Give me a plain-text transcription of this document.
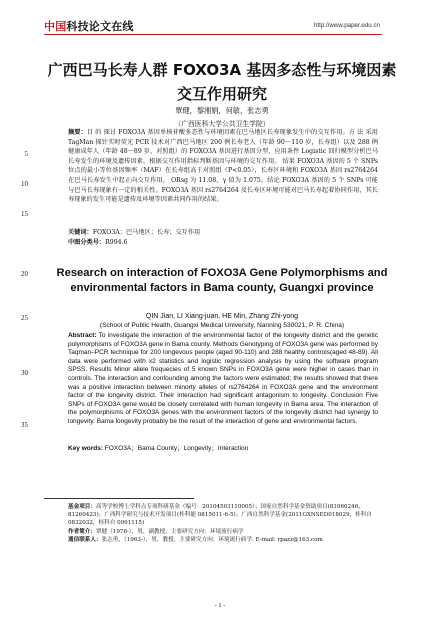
中国科技论文在线	http://www.paper.edu.cn
广西巴马长寿人群 FOXO3A 基因多态性与环境因素交互作用研究
覃健，黎湘娟，何敏，张志勇
（广西医科大学公共卫生学院）
5
10
15
20
25
30
35
摘要：目 的 探讨 FOXO3A 基因单核苷酸多态性与环境因素在巴马地区长寿现象发生中的交互作用。方 法 采用 TagMan 探针实时荧光 PCR 技术对广西巴马地区 200 例长寿老人（年龄 90～110 岁，长寿组）以及 288 例健康成年人（年龄 48～89 岁，对照组）的 FOXO3A 基因进行基因分型，应用条件 Logistic 回归模型分析巴马长寿发生的环境及遗传因素，根据交互作用指标判断基因与环境的交互作用。 结果 FOXO3A 基因的 5 个 SNPs 位点的最小等位基因频率（MAF）在长寿组高于对照组（P<0.05），长寿区环境和 FOXO3A 基因 rs2764264 在巴马长寿发生中起正向交互作用， ORsg 为 11.08，γ 值为 1.075。结论 FOXO3A 基因的 5 个 SNPs 可能与巴马长寿现象有一定的相关性。FOXO3A 基因 rs2764264 及长寿区环境可能对巴马长寿起着协同作用，其长寿现象的发生可能是遗传及环境等因素共同作用的结果。
关键词：FOXO3A；巴马地区；长寿；交互作用
中图分类号：R994.6
Research on interaction of FOXO3A Gene Polymorphisms and environmental factors in Bama county, Guangxi province
QIN Jian, LI Xiang-juan, HE Min, Zhang Zhi-yong
(School of Public Health, Guangxi Medical University, Nanning 530021, P. R. China)
Abstract: To investigate the interaction of the environmental factor of the longevity district and the genetic polymorphisms of FOXO3A gene in Bama county. Methods Genotyping of FOXO3A gene was performed by Taqman–PCR technique for 200 longevous people (aged 90-110) and 288 healthy controls(aged 48-89). All data were performed with x2 statistics and logistic regression analysis by using the software program SPSS. Results Minor allele frequecies of 5 known SNPs in FOXO3A gene were higher in cases than in controls. The interaction and confounding among the factors were estimated; the results showed that there was a positive interaction between minorty alleles of rs2764264 in FOXO3A gene and the environment factor of the longevity district. Their interaction had significant antagonism to longevity. Conclusion Five SNPs of FOXO3A gene would be closely correlated with human longevity in Bama area. The interaction of the polymorphisms of FOXO3A genes with the environment factors of the longevity district had synergy to longevity. Bama longevity probably be the result of the interaction of gene and environmental factors.
Key words: FOXO3A；Bama County；Longevity；Interaction
基金项目：高等学校博士学科点专项科研基金（编号：20104503110005）；国家自然科学基金资助项目(81060246，81260423)；广西科学研究与技术开发项目(桂科能 0815011-6-5)；广西自然科学基金(2011GXNSED018029，桂科自 0832032，桂科自 0991115)
作者简介：覃健（1978-），男，副教授，主要研究方向：环境流行病学
通信联系人：张志勇，（1963-），男，教授，主要研究方向：环境流行病学. E-mail: rpazz@163.com
- 1 -
